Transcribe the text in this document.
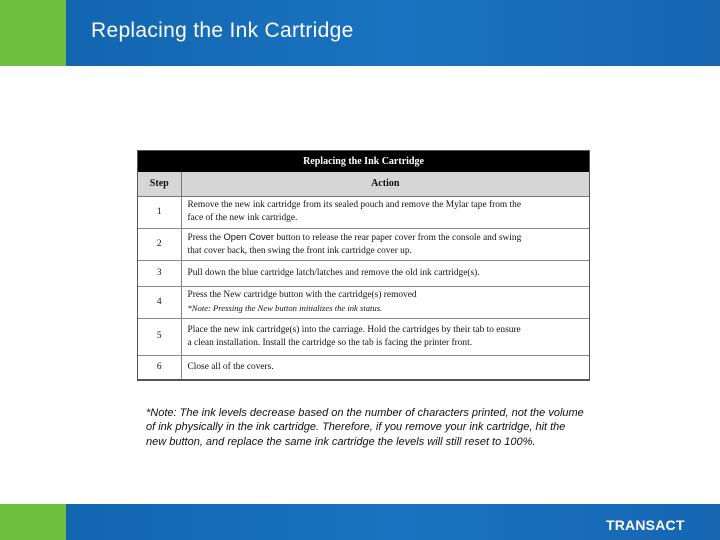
Replacing the Ink Cartridge
Replacing the Ink Cartridge	
Step	Action
1	Remove the new ink cartridge from its sealed pouch and remove the Mylar tape from the
face of the new ink cartridge.
2	Press the Open Cover button to release the rear paper cover from the console and swing
that cover back, then swing the front ink cartridge cover up.
3	Pull down the blue cartridge latch/latches and remove the old ink cartridge(s).
4	Press the New cartridge button with the cartridge(s) removed
*Note: Pressing the New button initializes the ink status.
5	Place the new ink cartridge(s) into the carriage. Hold the cartridges by their tab to ensure
a clean installation. Install the cartridge so the tab is facing the printer front.
6	Close all of the covers.
*Note: The ink levels decrease based on the number of characters printed, not the volume of ink physically in the ink cartridge. Therefore, if you remove your ink cartridge, hit the new button, and replace the same ink cartridge the levels will still reset to 100%.
TRANSACT
